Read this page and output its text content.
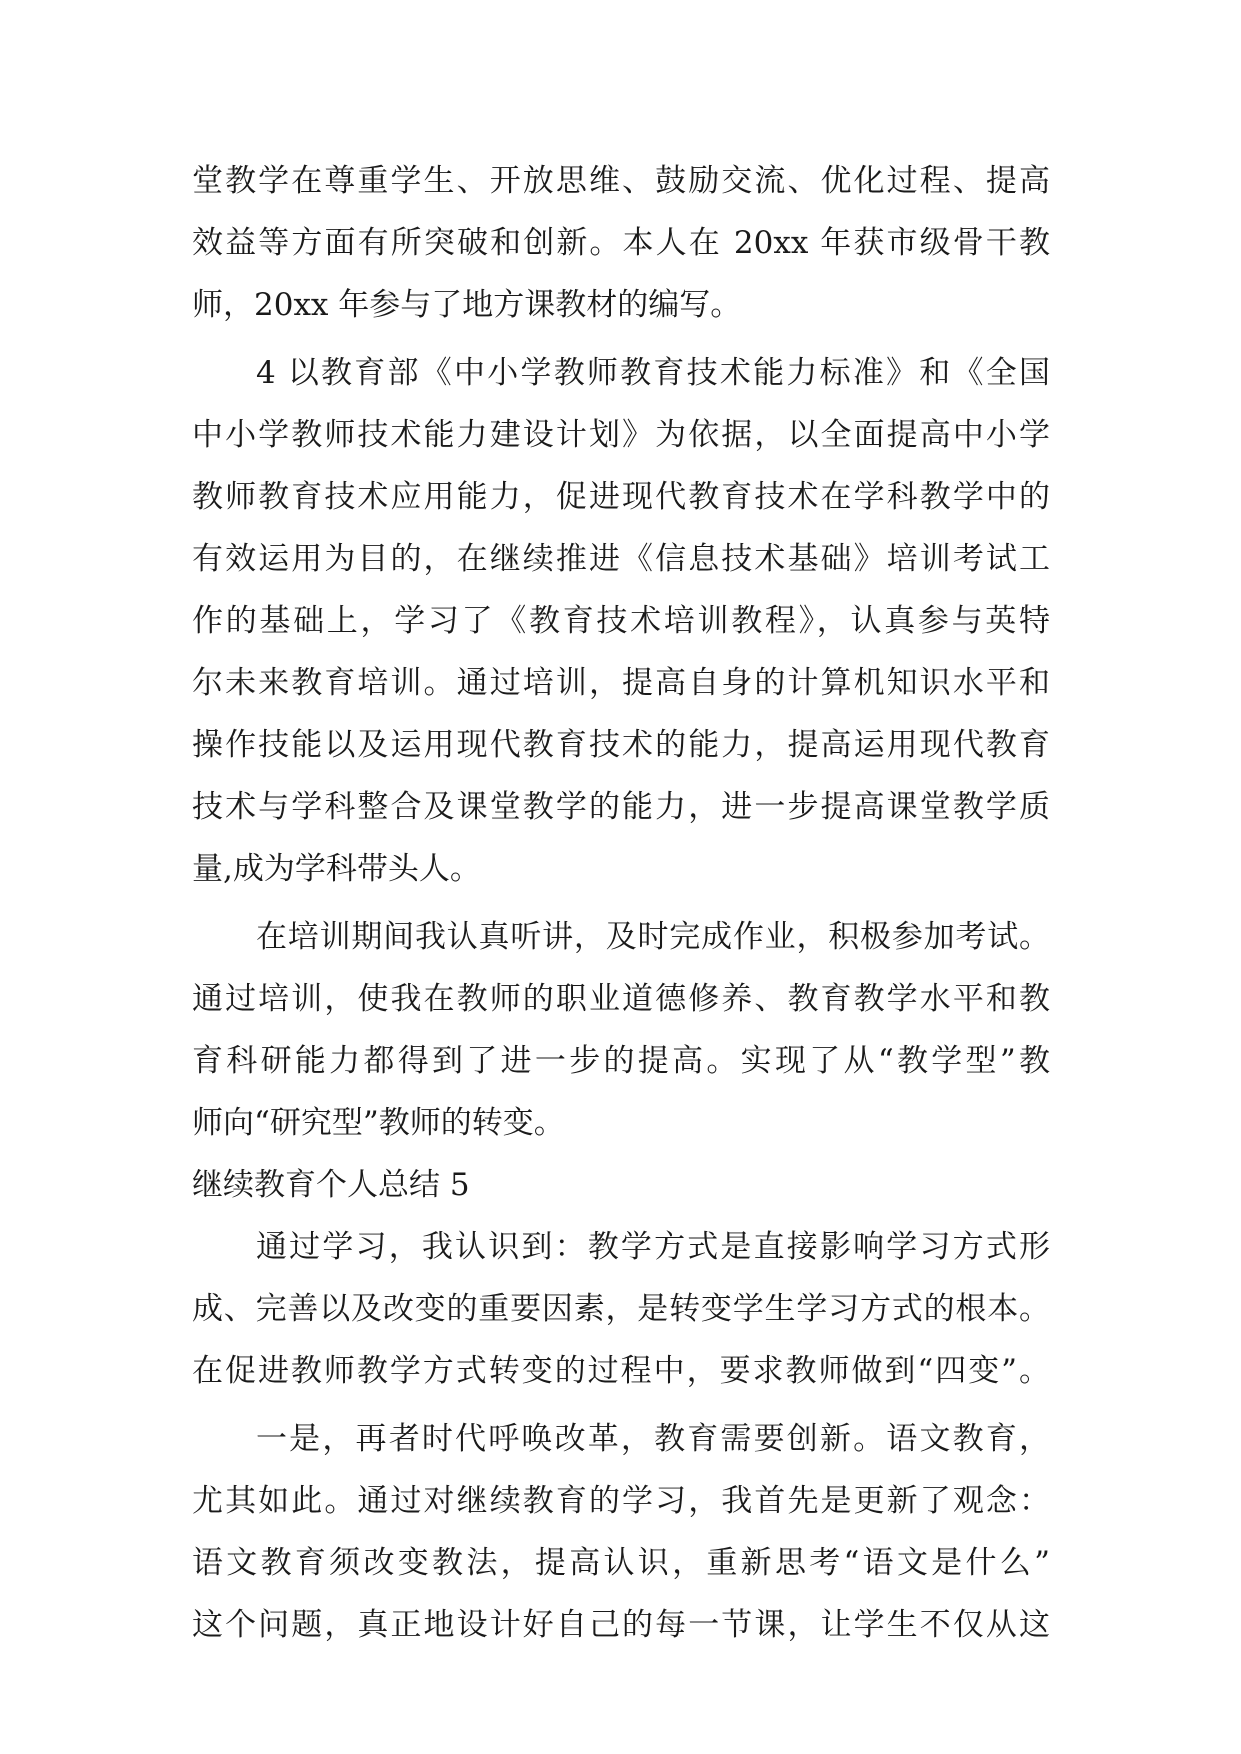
堂教学在尊重学生、开放思维、鼓励交流、优化过程、提高
效益等方面有所突破和创新。本人在 20xx 年获市级骨干教
师，20xx 年参与了地方课教材的编写。
4 以教育部《中小学教师教育技术能力标准》和《全国
中小学教师技术能力建设计划》为依据，以全面提高中小学
教师教育技术应用能力，促进现代教育技术在学科教学中的
有效运用为目的，在继续推进《信息技术基础》培训考试工
作的基础上，学习了《教育技术培训教程》，认真参与英特
尔未来教育培训。通过培训，提高自身的计算机知识水平和
操作技能以及运用现代教育技术的能力，提高运用现代教育
技术与学科整合及课堂教学的能力，进一步提高课堂教学质
量,成为学科带头人。
在培训期间我认真听讲，及时完成作业，积极参加考试。
通过培训，使我在教师的职业道德修养、教育教学水平和教
育科研能力都得到了进一步的提高。实现了从“教学型”教
师向“研究型”教师的转变。
继续教育个人总结 5
通过学习，我认识到：教学方式是直接影响学习方式形
成、完善以及改变的重要因素，是转变学生学习方式的根本。
在促进教师教学方式转变的过程中，要求教师做到“四变”。
一是，再者时代呼唤改革，教育需要创新。语文教育，
尤其如此。通过对继续教育的学习，我首先是更新了观念：
语文教育须改变教法，提高认识，重新思考“语文是什么”
这个问题，真正地设计好自己的每一节课，让学生不仅从这
